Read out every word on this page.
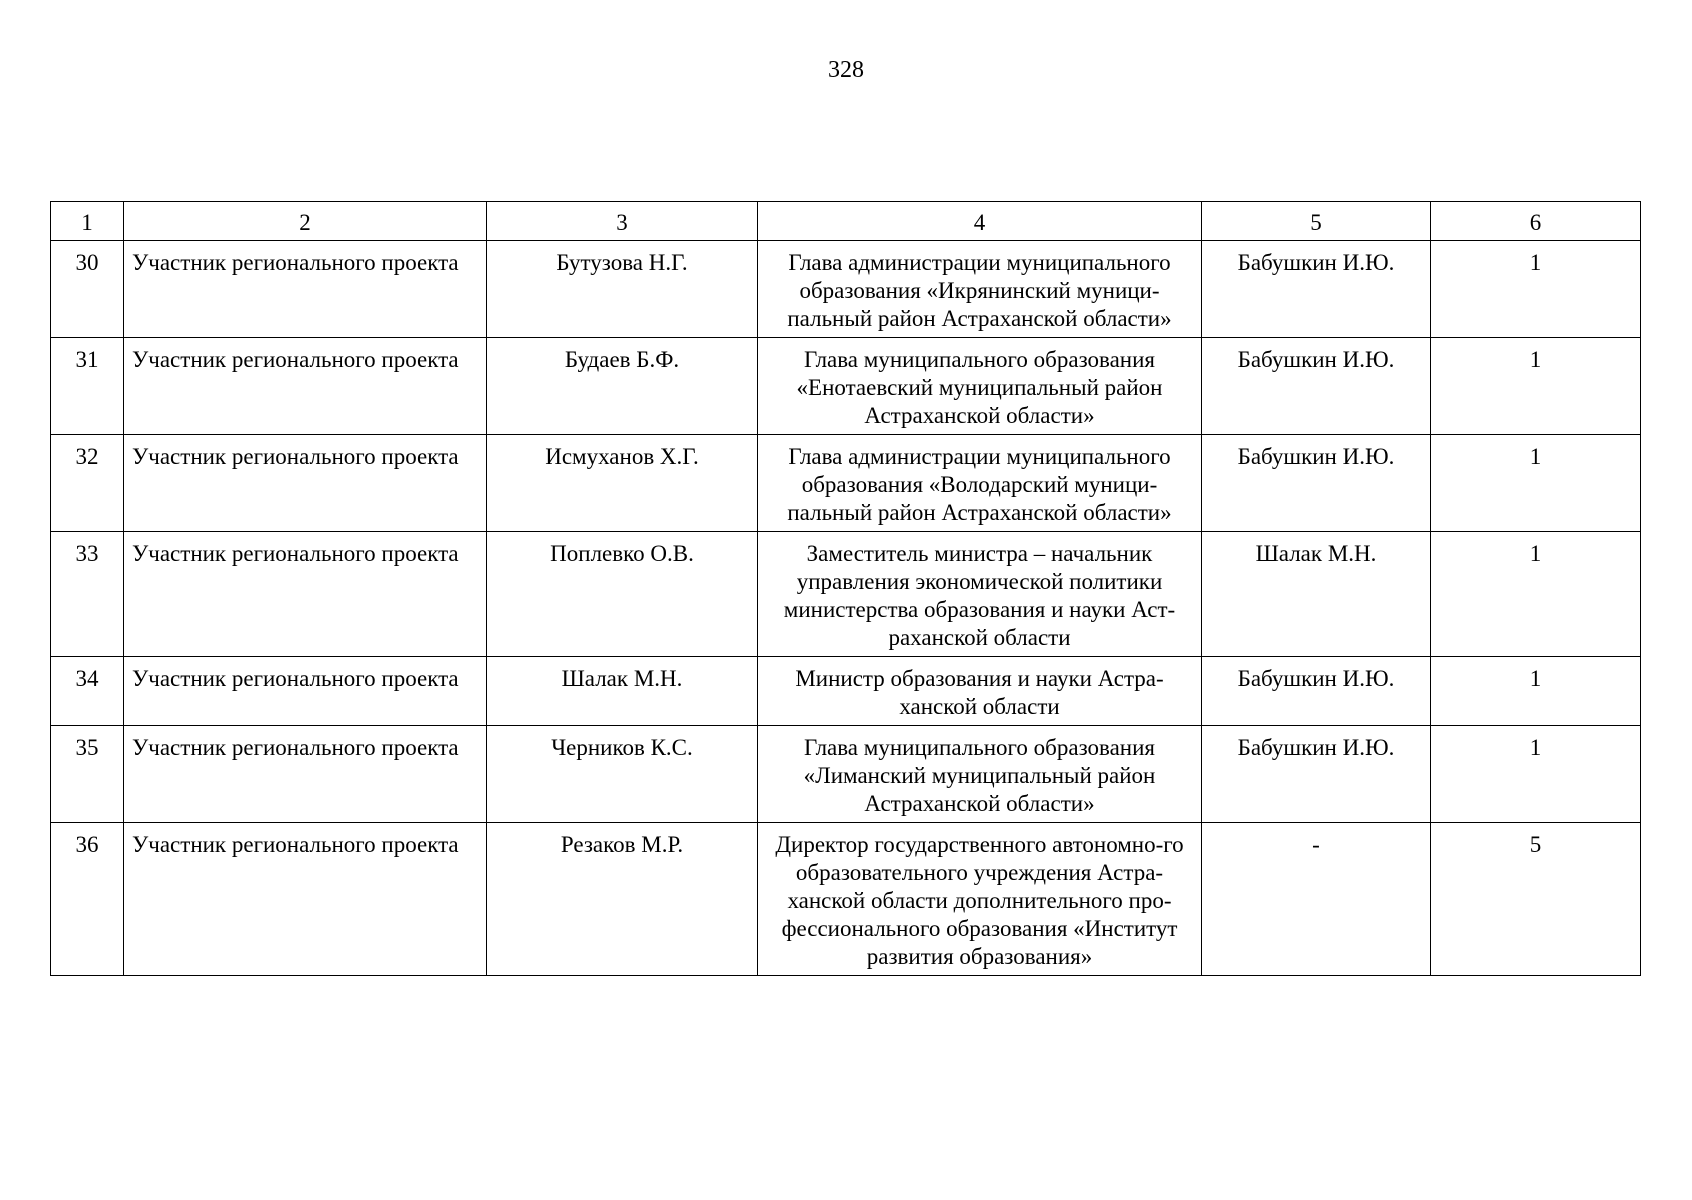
328
1	2	3	4	5	6
30	Участник регионального проекта	Бутузова Н.Г.	Глава администрации муниципального образования «Икрянинский муници-пальный район Астраханской области»	Бабушкин И.Ю.	1
31	Участник регионального проекта	Будаев Б.Ф.	Глава муниципального образования «Енотаевский муниципальный район Астраханской области»	Бабушкин И.Ю.	1
32	Участник регионального проекта	Исмуханов Х.Г.	Глава администрации муниципального образования «Володарский муници-пальный район Астраханской области»	Бабушкин И.Ю.	1
33	Участник регионального проекта	Поплевко О.В.	Заместитель министра – начальник управления экономической политики министерства образования и науки Аст-раханской области	Шалак М.Н.	1
34	Участник регионального проекта	Шалак М.Н.	Министр образования и науки Астра-ханской области	Бабушкин И.Ю.	1
35	Участник регионального проекта	Черников К.С.	Глава муниципального образования «Лиманский муниципальный район Астраханской области»	Бабушкин И.Ю.	1
36	Участник регионального проекта	Резаков М.Р.	Директор государственного автономно-го образовательного учреждения Астра-ханской области дополнительного про-фессионального образования «Институт развития образования»	-	5
